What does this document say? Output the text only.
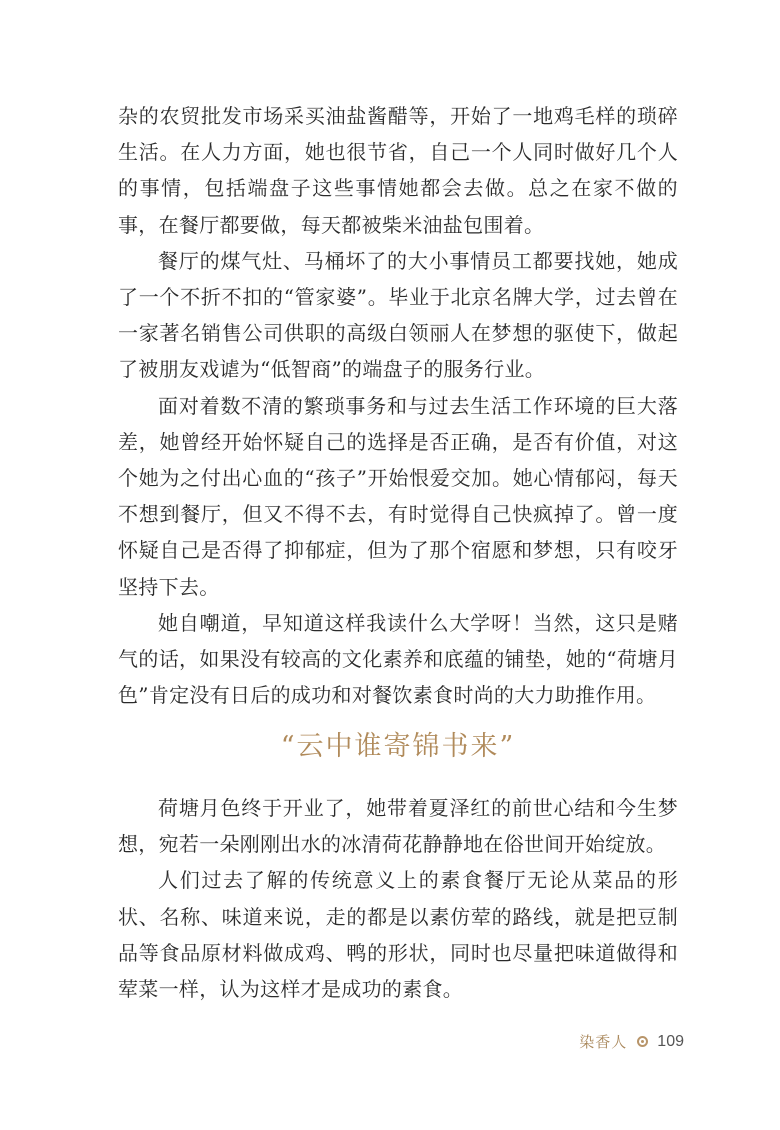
杂的农贸批发市场采买油盐酱醋等，开始了一地鸡毛样的琐碎生活。在人力方面，她也很节省，自己一个人同时做好几个人的事情，包括端盘子这些事情她都会去做。总之在家不做的事，在餐厅都要做，每天都被柴米油盐包围着。

餐厅的煤气灶、马桶坏了的大小事情员工都要找她，她成了一个不折不扣的“管家婆”。毕业于北京名牌大学，过去曾在一家著名销售公司供职的高级白领丽人在梦想的驱使下，做起了被朋友戏谑为“低智商”的端盘子的服务行业。

面对着数不清的繁琐事务和与过去生活工作环境的巨大落差，她曾经开始怀疑自己的选择是否正确，是否有价值，对这个她为之付出心血的“孩子”开始恨爱交加。她心情郁闷，每天不想到餐厅，但又不得不去，有时觉得自己快疯掉了。曾一度怀疑自己是否得了抑郁症，但为了那个宿愿和梦想，只有咬牙坚持下去。

她自嘲道，早知道这样我读什么大学呀！当然，这只是赌气的话，如果没有较高的文化素养和底蕴的铺垫，她的“荷塘月色”肯定没有日后的成功和对餐饮素食时尚的大力助推作用。

“云中谁寄锦书来”

荷塘月色终于开业了，她带着夏泽红的前世心结和今生梦想，宛若一朵刚刚出水的冰清荷花静静地在俗世间开始绽放。

人们过去了解的传统意义上的素食餐厅无论从菜品的形状、名称、味道来说，走的都是以素仿荤的路线，就是把豆制品等食品原材料做成鸡、鸭的形状，同时也尽量把味道做得和荤菜一样，认为这样才是成功的素食。

染香人 109
